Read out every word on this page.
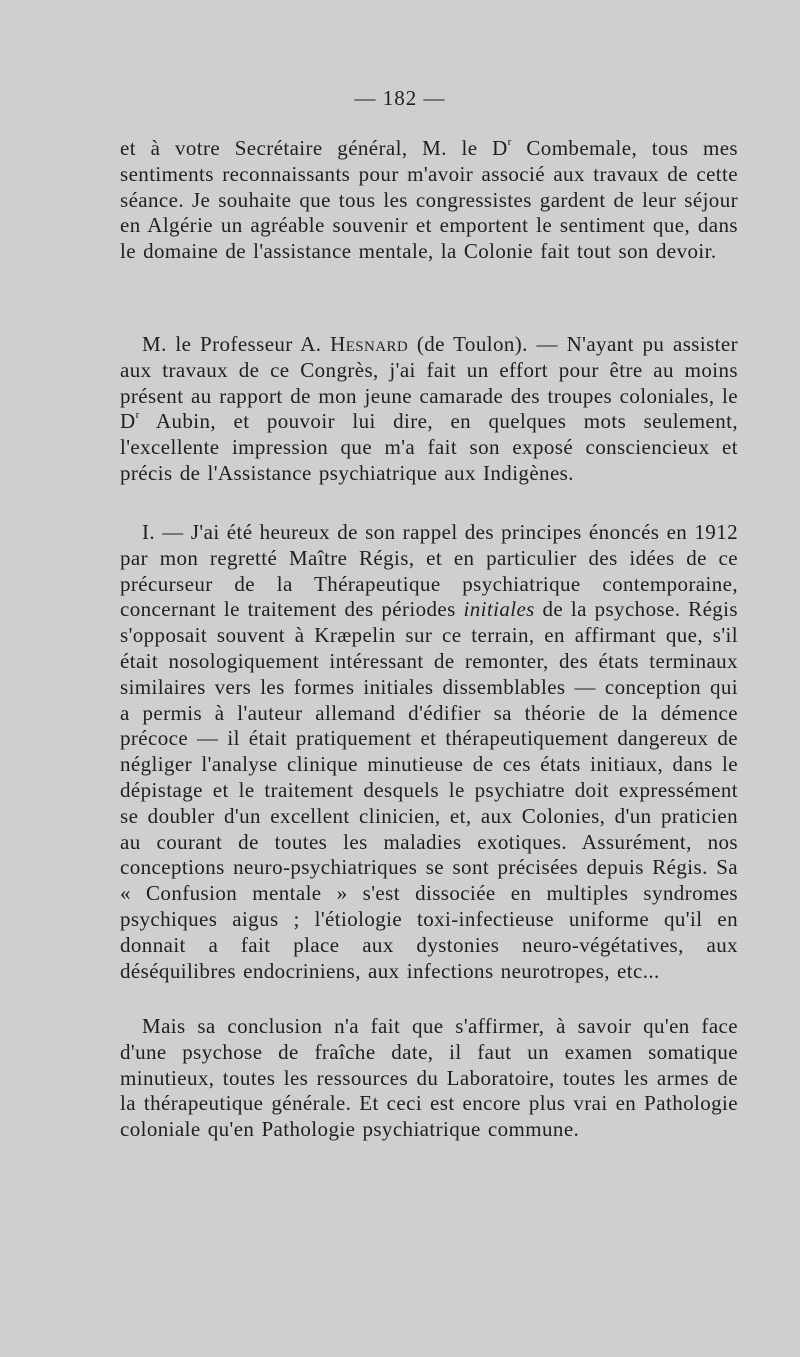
— 182 —

et à votre Secrétaire général, M. le $D^r$ Combemale, tous mes sentiments reconnaissants pour m'avoir associé aux travaux de cette séance. Je souhaite que tous les congressistes gardent de leur séjour en Algérie un agréable souvenir et emportent le sentiment que, dans le domaine de l'assistance mentale, la Colonie fait tout son devoir.

M. le Professeur A. Hesnard (de Toulon). — N'ayant pu assister aux travaux de ce Congrès, j'ai fait un effort pour être au moins présent au rapport de mon jeune camarade des troupes coloniales, le $D^r$ Aubin, et pouvoir lui dire, en quelques mots seulement, l'excellente impression que m'a fait son exposé consciencieux et précis de l'Assistance psychiatrique aux Indigènes.

I. — J'ai été heureux de son rappel des principes énoncés en 1912 par mon regretté Maître Régis, et en particulier des idées de ce précurseur de la Thérapeutique psychiatrique contemporaine, concernant le traitement des périodes initiales de la psychose. Régis s'opposait souvent à Kræpelin sur ce terrain, en affirmant que, s'il était nosologiquement intéressant de remonter, des états terminaux similaires vers les formes initiales dissemblables — conception qui a permis à l'auteur allemand d'édifier sa théorie de la démence précoce — il était pratiquement et thérapeutiquement dangereux de négliger l'analyse clinique minutieuse de ces états initiaux, dans le dépistage et le traitement desquels le psychiatre doit expressément se doubler d'un excellent clinicien, et, aux Colonies, d'un praticien au courant de toutes les maladies exotiques. Assurément, nos conceptions neuro-psychiatriques se sont précisées depuis Régis. Sa « Confusion mentale » s'est dissociée en multiples syndromes psychiques aigus ; l'étiologie toxi-infectieuse uniforme qu'il en donnait a fait place aux dystonies neuro-végétatives, aux déséquilibres endocriniens, aux infections neurotropes, etc...

Mais sa conclusion n'a fait que s'affirmer, à savoir qu'en face d'une psychose de fraîche date, il faut un examen somatique minutieux, toutes les ressources du Laboratoire, toutes les armes de la thérapeutique générale. Et ceci est encore plus vrai en Pathologie coloniale qu'en Pathologie psychiatrique commune.
